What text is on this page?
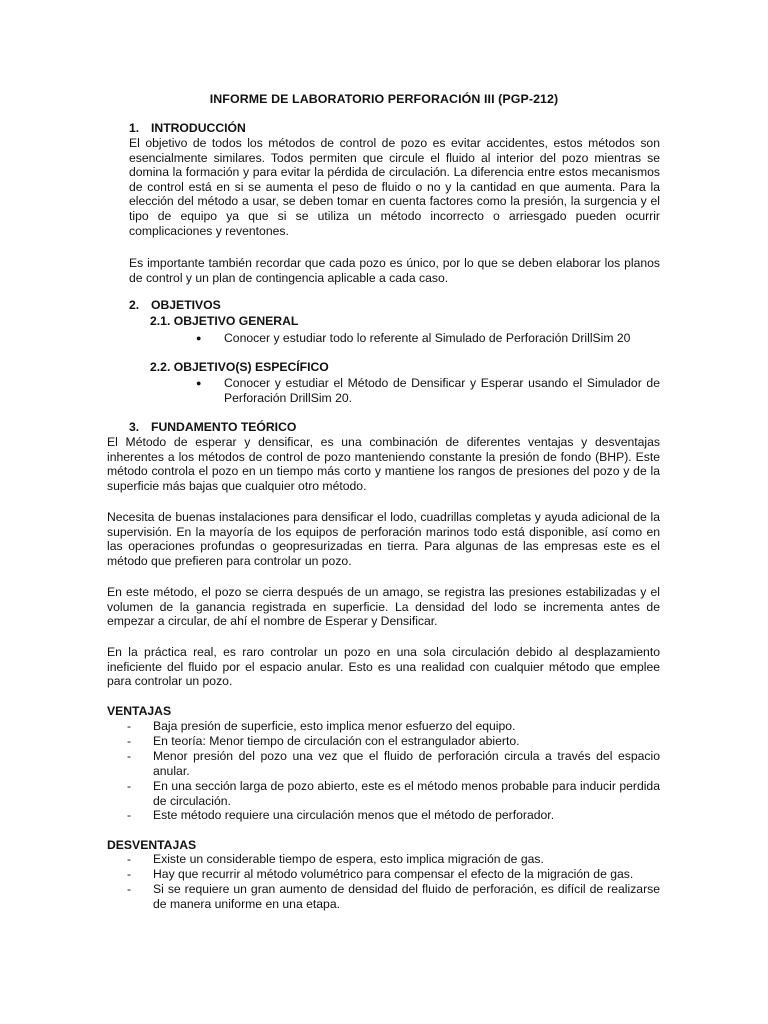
INFORME DE LABORATORIO PERFORACIÓN III (PGP-212)
1. INTRODUCCIÓN
El objetivo de todos los métodos de control de pozo es evitar accidentes, estos métodos son esencialmente similares. Todos permiten que circule el fluido al interior del pozo mientras se domina la formación y para evitar la pérdida de circulación. La diferencia entre estos mecanismos de control está en si se aumenta el peso de fluido o no y la cantidad en que aumenta. Para la elección del método a usar, se deben tomar en cuenta factores como la presión, la surgencia y el tipo de equipo ya que si se utiliza un método incorrecto o arriesgado pueden ocurrir complicaciones y reventones.
Es importante también recordar que cada pozo es único, por lo que se deben elaborar los planos de control y un plan de contingencia aplicable a cada caso.
2. OBJETIVOS
2.1. OBJETIVO GENERAL
● Conocer y estudiar todo lo referente al Simulado de Perforación DrillSim 20
2.2. OBJETIVO(S) ESPECÍFICO
● Conocer y estudiar el Método de Densificar y Esperar usando el Simulador de Perforación DrillSim 20.
3. FUNDAMENTO TEÓRICO
El Método de esperar y densificar, es una combinación de diferentes ventajas y desventajas inherentes a los métodos de control de pozo manteniendo constante la presión de fondo (BHP). Este método controla el pozo en un tiempo más corto y mantiene los rangos de presiones del pozo y de la superficie más bajas que cualquier otro método.
Necesita de buenas instalaciones para densificar el lodo, cuadrillas completas y ayuda adicional de la supervisión. En la mayoría de los equipos de perforación marinos todo está disponible, así como en las operaciones profundas o geopresurizadas en tierra. Para algunas de las empresas este es el método que prefieren para controlar un pozo.
En este método, el pozo se cierra después de un amago, se registra las presiones estabilizadas y el volumen de la ganancia registrada en superficie. La densidad del lodo se incrementa antes de empezar a circular, de ahí el nombre de Esperar y Densificar.
En la práctica real, es raro controlar un pozo en una sola circulación debido al desplazamiento ineficiente del fluido por el espacio anular. Esto es una realidad con cualquier método que emplee para controlar un pozo.
VENTAJAS
- Baja presión de superficie, esto implica menor esfuerzo del equipo.
- En teoría: Menor tiempo de circulación con el estrangulador abierto.
- Menor presión del pozo una vez que el fluido de perforación circula a través del espacio anular.
- En una sección larga de pozo abierto, este es el método menos probable para inducir perdida de circulación.
- Este método requiere una circulación menos que el método de perforador.
DESVENTAJAS
- Existe un considerable tiempo de espera, esto implica migración de gas.
- Hay que recurrir al método volumétrico para compensar el efecto de la migración de gas.
- Si se requiere un gran aumento de densidad del fluido de perforación, es difícil de realizarse de manera uniforme en una etapa.
